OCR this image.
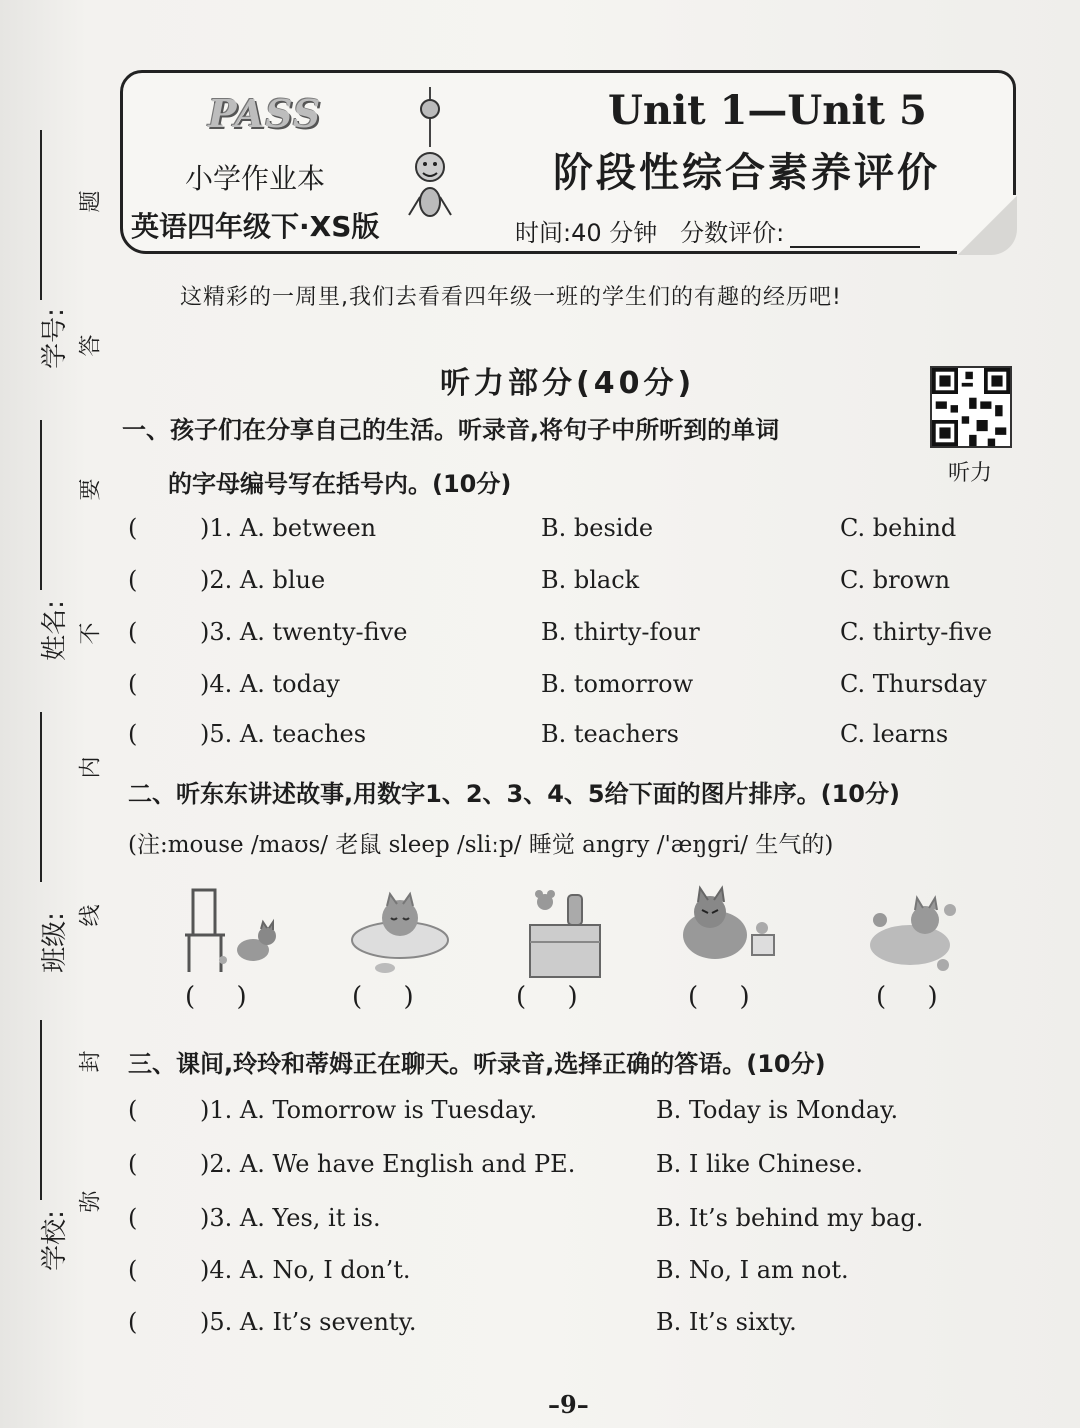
学号:
姓名:
班级:
学校:
题
答
要
不
内
线
封
弥
PASS
小学作业本
英语四年级下·XS版
Unit 1—Unit 5
阶段性综合素养评价
时间:40 分钟 分数评价:
这精彩的一周里,我们去看看四年级一班的学生们的有趣的经历吧!
听力部分(40分)
听力
一、孩子们在分享自己的生活。听录音,将句子中所听到的单词
的字母编号写在括号内。(10分)
(	)1. A. between	B. beside	C. behind
(	)2. A. blue	B. black	C. brown
(	)3. A. twenty-five	B. thirty-four	C. thirty-five
(	)4. A. today	B. tomorrow	C. Thursday
(	)5. A. teaches	B. teachers	C. learns
二、听东东讲述故事,用数字1、2、3、4、5给下面的图片排序。(10分)
(注:mouse /maʊs/ 老鼠 sleep /sliːp/ 睡觉 angry /'æŋgri/ 生气的)
(     )	(     )	(     )	(     )	(     )
三、课间,玲玲和蒂姆正在聊天。听录音,选择正确的答语。(10分)
(	)1. A. Tomorrow is Tuesday.	B. Today is Monday.
(	)2. A. We have English and PE.	B. I like Chinese.
(	)3. A. Yes, it is.	B. It’s behind my bag.
(	)4. A. No, I don’t.	B. No, I am not.
(	)5. A. It’s seventy.	B. It’s sixty.
–9–
